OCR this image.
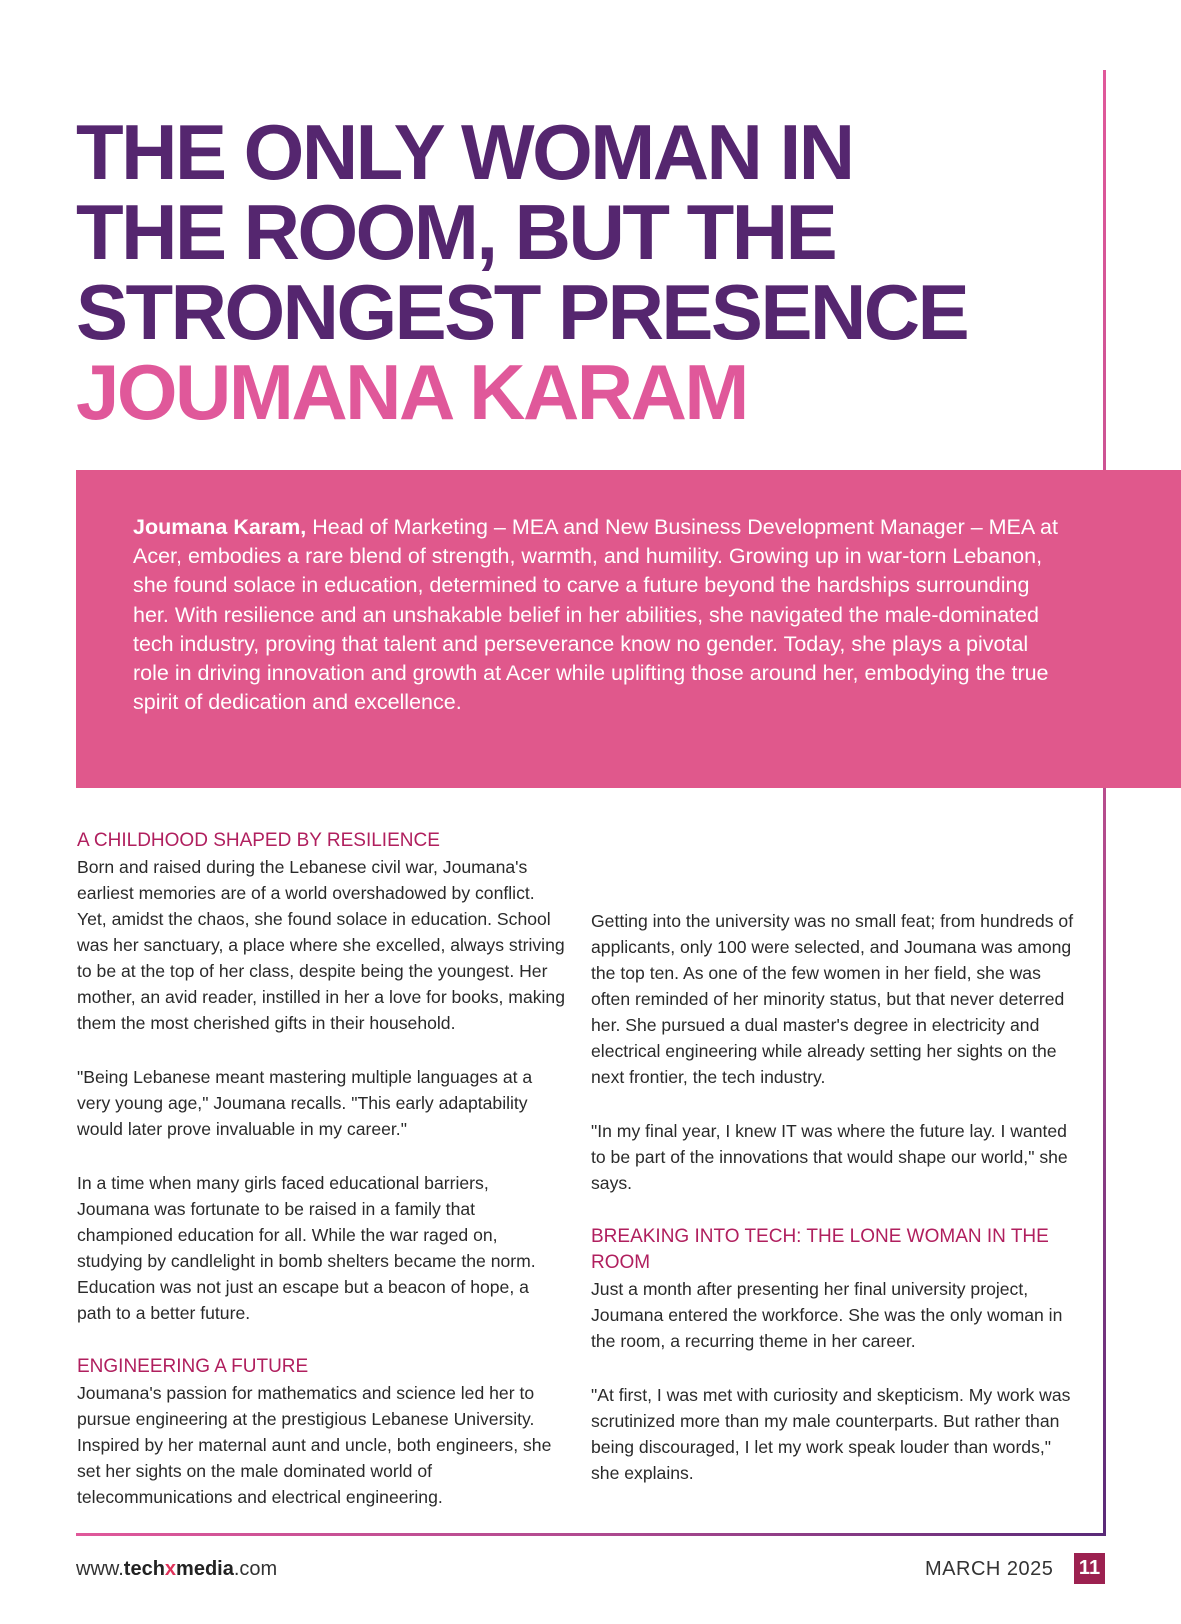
THE ONLY WOMAN IN
THE ROOM, BUT THE
STRONGEST PRESENCE
JOUMANA KARAM
Joumana Karam, Head of Marketing – MEA and New Business Development Manager – MEA at Acer, embodies a rare blend of strength, warmth, and humility. Growing up in war-torn Lebanon, she found solace in education, determined to carve a future beyond the hardships surrounding her. With resilience and an unshakable belief in her abilities, she navigated the male-dominated tech industry, proving that talent and perseverance know no gender. Today, she plays a pivotal role in driving innovation and growth at Acer while uplifting those around her, embodying the true spirit of dedication and excellence.
A CHILDHOOD SHAPED BY RESILIENCE

Born and raised during the Lebanese civil war, Joumana's earliest memories are of a world overshadowed by conflict. Yet, amidst the chaos, she found solace in education. School was her sanctuary, a place where she excelled, always striving to be at the top of her class, despite being the youngest. Her mother, an avid reader, instilled in her a love for books, making them the most cherished gifts in their household.

"Being Lebanese meant mastering multiple languages at a very young age," Joumana recalls. "This early adaptability would later prove invaluable in my career."

In a time when many girls faced educational barriers, Joumana was fortunate to be raised in a family that championed education for all. While the war raged on, studying by candlelight in bomb shelters became the norm. Education was not just an escape but a beacon of hope, a path to a better future.

ENGINEERING A FUTURE

Joumana's passion for mathematics and science led her to pursue engineering at the prestigious Lebanese University. Inspired by her maternal aunt and uncle, both engineers, she set her sights on the male dominated world of telecommunications and electrical engineering.

Getting into the university was no small feat; from hundreds of applicants, only 100 were selected, and Joumana was among the top ten. As one of the few women in her field, she was often reminded of her minority status, but that never deterred her. She pursued a dual master's degree in electricity and electrical engineering while already setting her sights on the next frontier, the tech industry.

"In my final year, I knew IT was where the future lay. I wanted to be part of the innovations that would shape our world," she says.

BREAKING INTO TECH: THE LONE WOMAN IN THE ROOM

Just a month after presenting her final university project, Joumana entered the workforce. She was the only woman in the room, a recurring theme in her career.

"At first, I was met with curiosity and skepticism. My work was scrutinized more than my male counterparts. But rather than being discouraged, I let my work speak louder than words," she explains.

www.techxmedia.com	MARCH 2025 11
